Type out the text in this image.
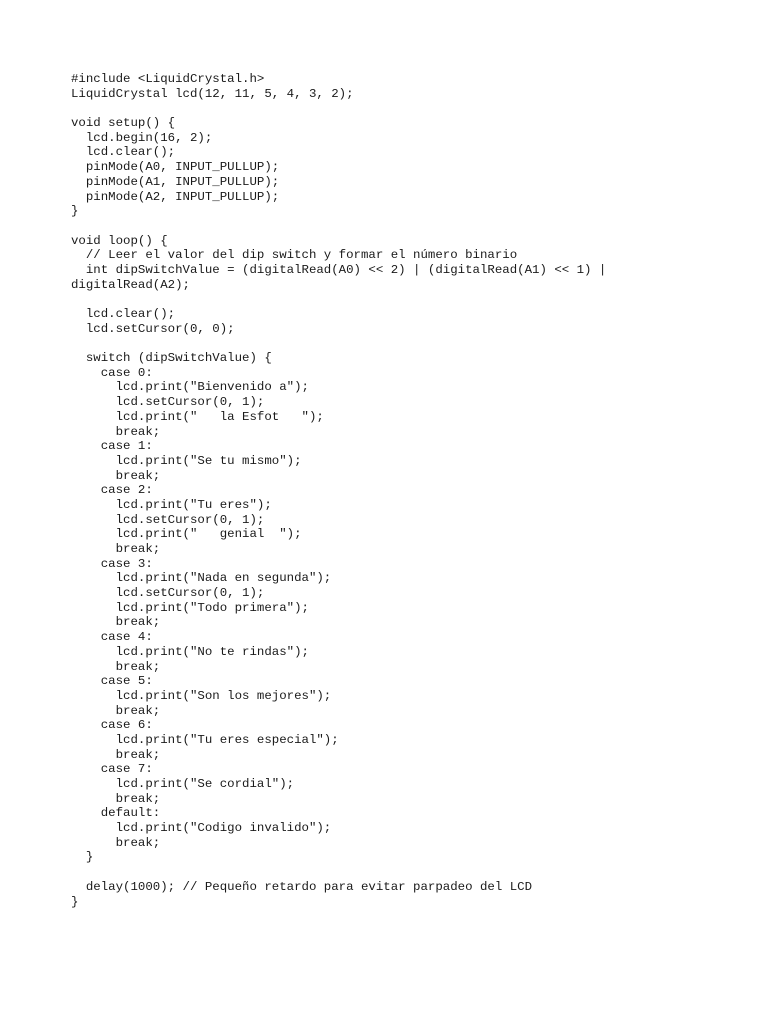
#include <LiquidCrystal.h>
LiquidCrystal lcd(12, 11, 5, 4, 3, 2);
void setup() {
lcd.begin(16, 2);
lcd.clear();
pinMode(A0, INPUT_PULLUP);
pinMode(A1, INPUT_PULLUP);
pinMode(A2, INPUT_PULLUP);
}
void loop() {
// Leer el valor del dip switch y formar el número binario
int dipSwitchValue = (digitalRead(A0) << 2) | (digitalRead(A1) << 1) |
digitalRead(A2);
lcd.clear();
lcd.setCursor(0, 0);
switch (dipSwitchValue) {
case 0:
lcd.print("Bienvenido a");
lcd.setCursor(0, 1);
lcd.print("   la Esfot   ");
break;
case 1:
lcd.print("Se tu mismo");
break;
case 2:
lcd.print("Tu eres");
lcd.setCursor(0, 1);
lcd.print("   genial  ");
break;
case 3:
lcd.print("Nada en segunda");
lcd.setCursor(0, 1);
lcd.print("Todo primera");
break;
case 4:
lcd.print("No te rindas");
break;
case 5:
lcd.print("Son los mejores");
break;
case 6:
lcd.print("Tu eres especial");
break;
case 7:
lcd.print("Se cordial");
break;
default:
lcd.print("Codigo invalido");
break;
}
delay(1000); // Pequeño retardo para evitar parpadeo del LCD
}
